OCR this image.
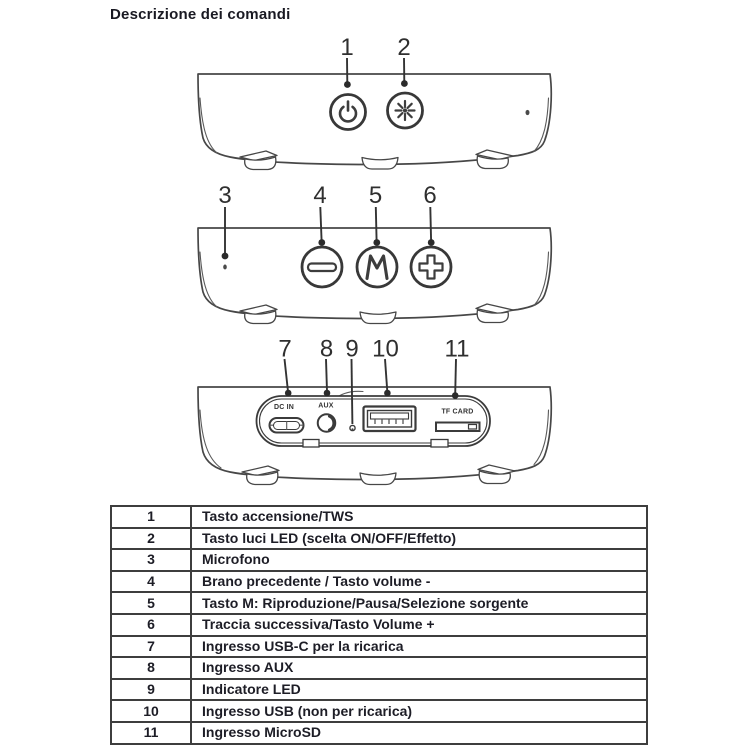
Descrizione dei comandi
1 2
3	4 5 6
DC IN	AUX
TF CARD
7 8 9 10 11
1	Tasto accensione/TWS
2	Tasto luci LED (scelta ON/OFF/Effetto)
3	Microfono
4	Brano precedente / Tasto volume -
5	Tasto M: Riproduzione/Pausa/Selezione sorgente
6	Traccia successiva/Tasto Volume +
7	Ingresso USB-C per la ricarica
8	Ingresso AUX
9	Indicatore LED
10	Ingresso USB (non per ricarica)
11	Ingresso MicroSD
